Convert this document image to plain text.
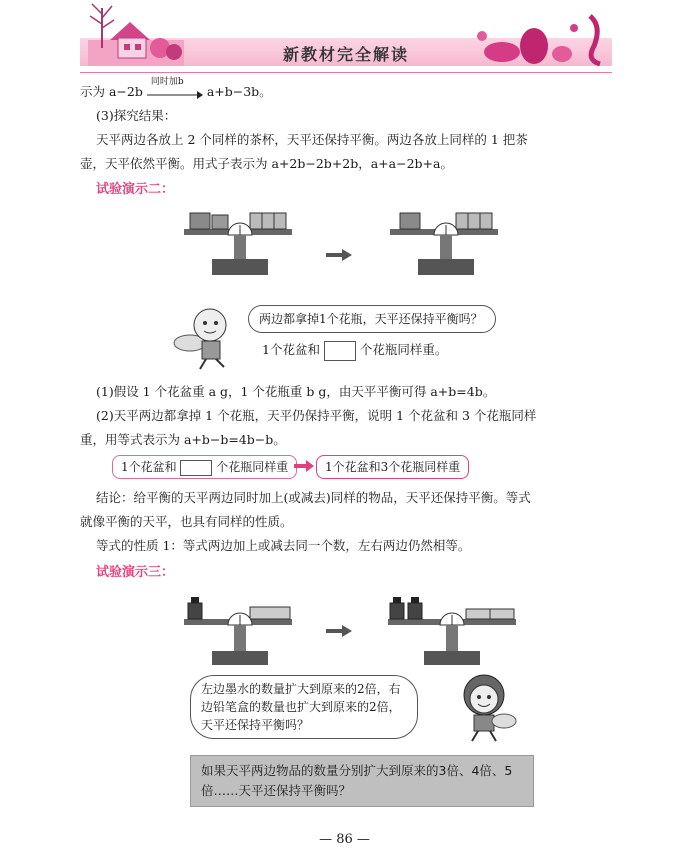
新教材完全解读
示为 a−2b
同时加b
a+b−3b。
(3)探究结果：
天平两边各放上 2 个同样的茶杯，天平还保持平衡。两边各放上同样的 1 把茶
壶，天平依然平衡。用式子表示为 a+2b−2b+2b，a+a−2b+a。
试验演示二：
两边都拿掉1个花瓶，天平还保持平衡吗？
1个花盆和	个花瓶同样重。
(1)假设 1 个花盆重 a g，1 个花瓶重 b g，由天平平衡可得 a+b=4b。
(2)天平两边都拿掉 1 个花瓶，天平仍保持平衡，说明 1 个花盆和 3 个花瓶同样
重，用等式表示为 a+b−b=4b−b。
1个花盆和	个花瓶同样重	1个花盆和3个花瓶同样重
结论：给平衡的天平两边同时加上(或减去)同样的物品，天平还保持平衡。等式
就像平衡的天平，也具有同样的性质。
等式的性质 1：等式两边加上或减去同一个数，左右两边仍然相等。
试验演示三：
左边墨水的数量扩大到原来的2倍，右边铅笔盒的数量也扩大到原来的2倍，天平还保持平衡吗？
如果天平两边物品的数量分别扩大到原来的3倍、4倍、5倍……天平还保持平衡吗？
— 86 —
